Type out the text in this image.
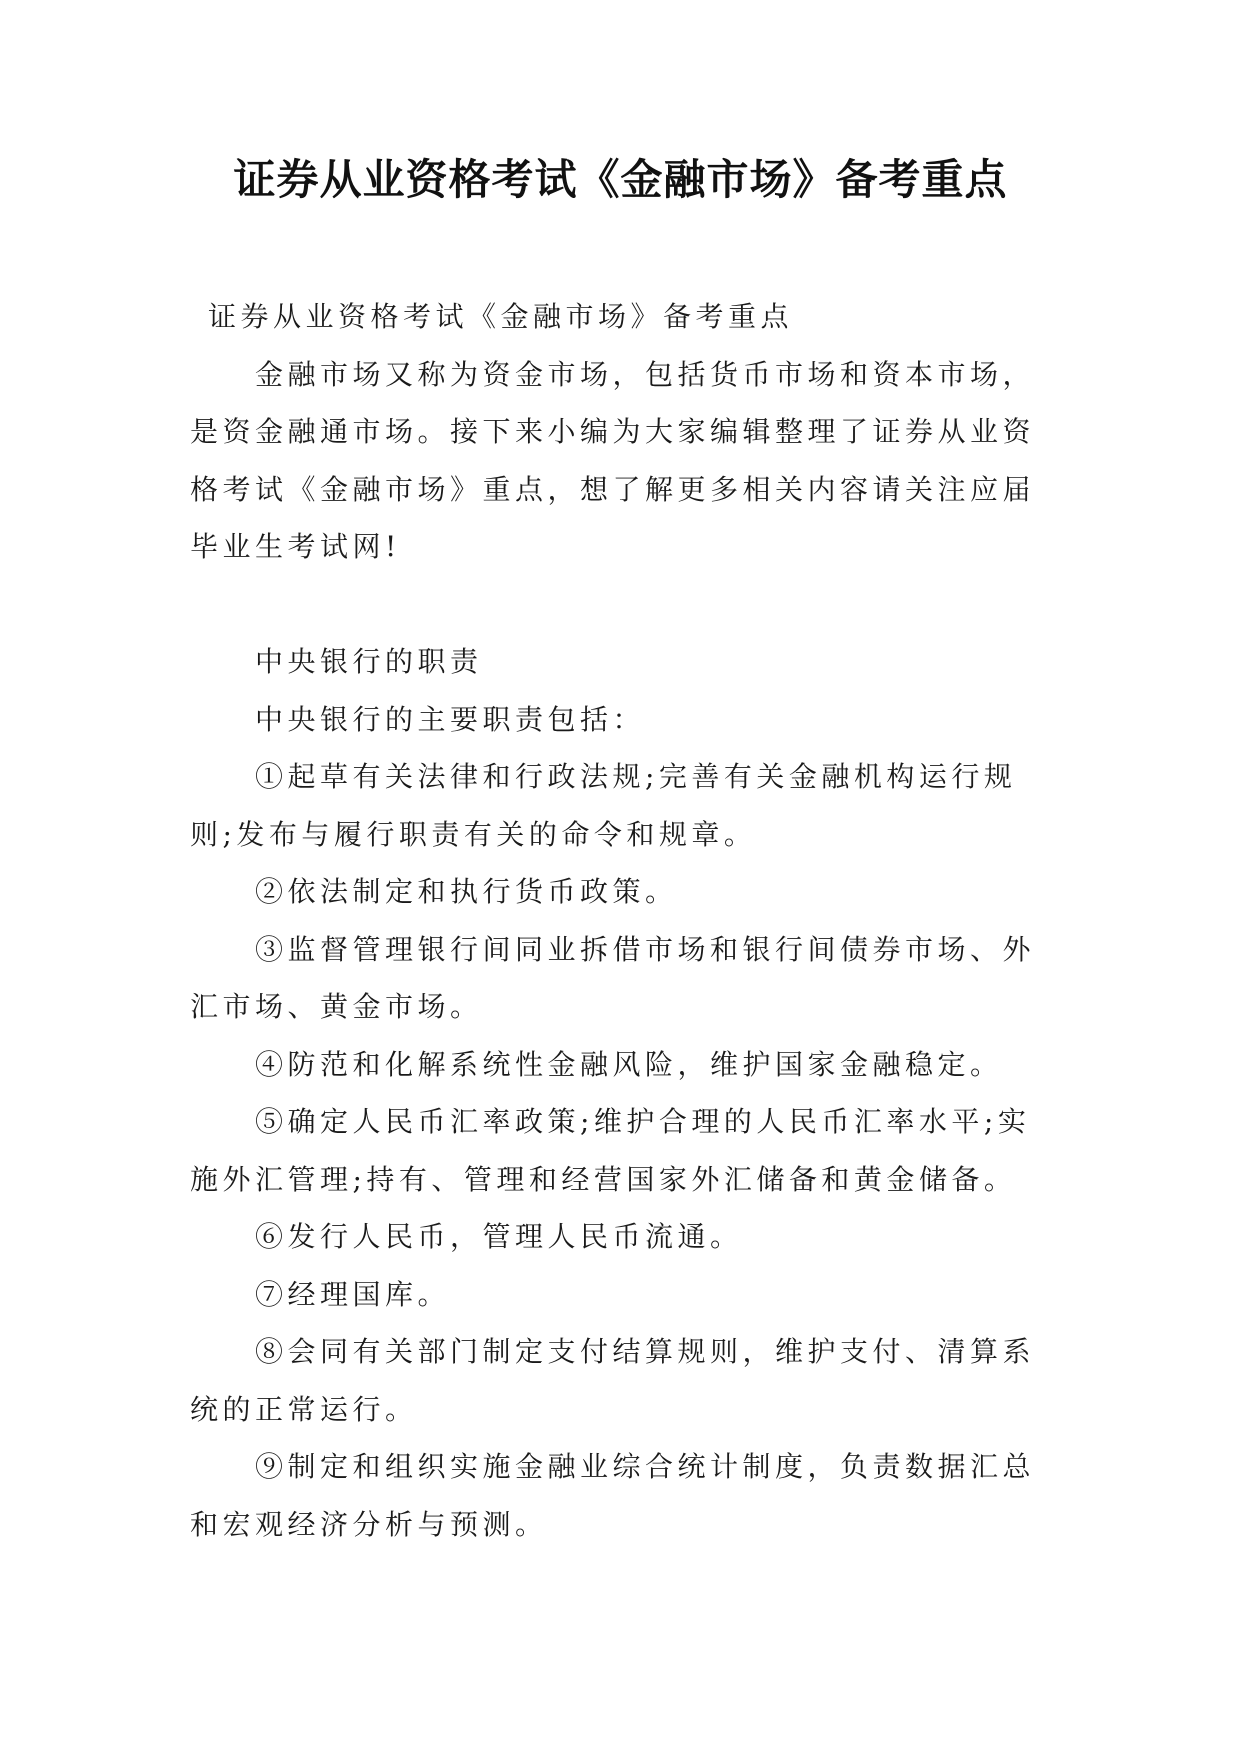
证券从业资格考试《金融市场》备考重点

证券从业资格考试《金融市场》备考重点

金融市场又称为资金市场，包括货币市场和资本市场，是资金融通市场。接下来小编为大家编辑整理了证券从业资格考试《金融市场》重点，想了解更多相关内容请关注应届毕业生考试网!

中央银行的职责

中央银行的主要职责包括：

①起草有关法律和行政法规;完善有关金融机构运行规则;发布与履行职责有关的命令和规章。

②依法制定和执行货币政策。

③监督管理银行间同业拆借市场和银行间债券市场、外汇市场、黄金市场。

④防范和化解系统性金融风险，维护国家金融稳定。

⑤确定人民币汇率政策;维护合理的人民币汇率水平;实施外汇管理;持有、管理和经营国家外汇储备和黄金储备。

⑥发行人民币，管理人民币流通。

⑦经理国库。

⑧会同有关部门制定支付结算规则，维护支付、清算系统的正常运行。

⑨制定和组织实施金融业综合统计制度，负责数据汇总和宏观经济分析与预测。
